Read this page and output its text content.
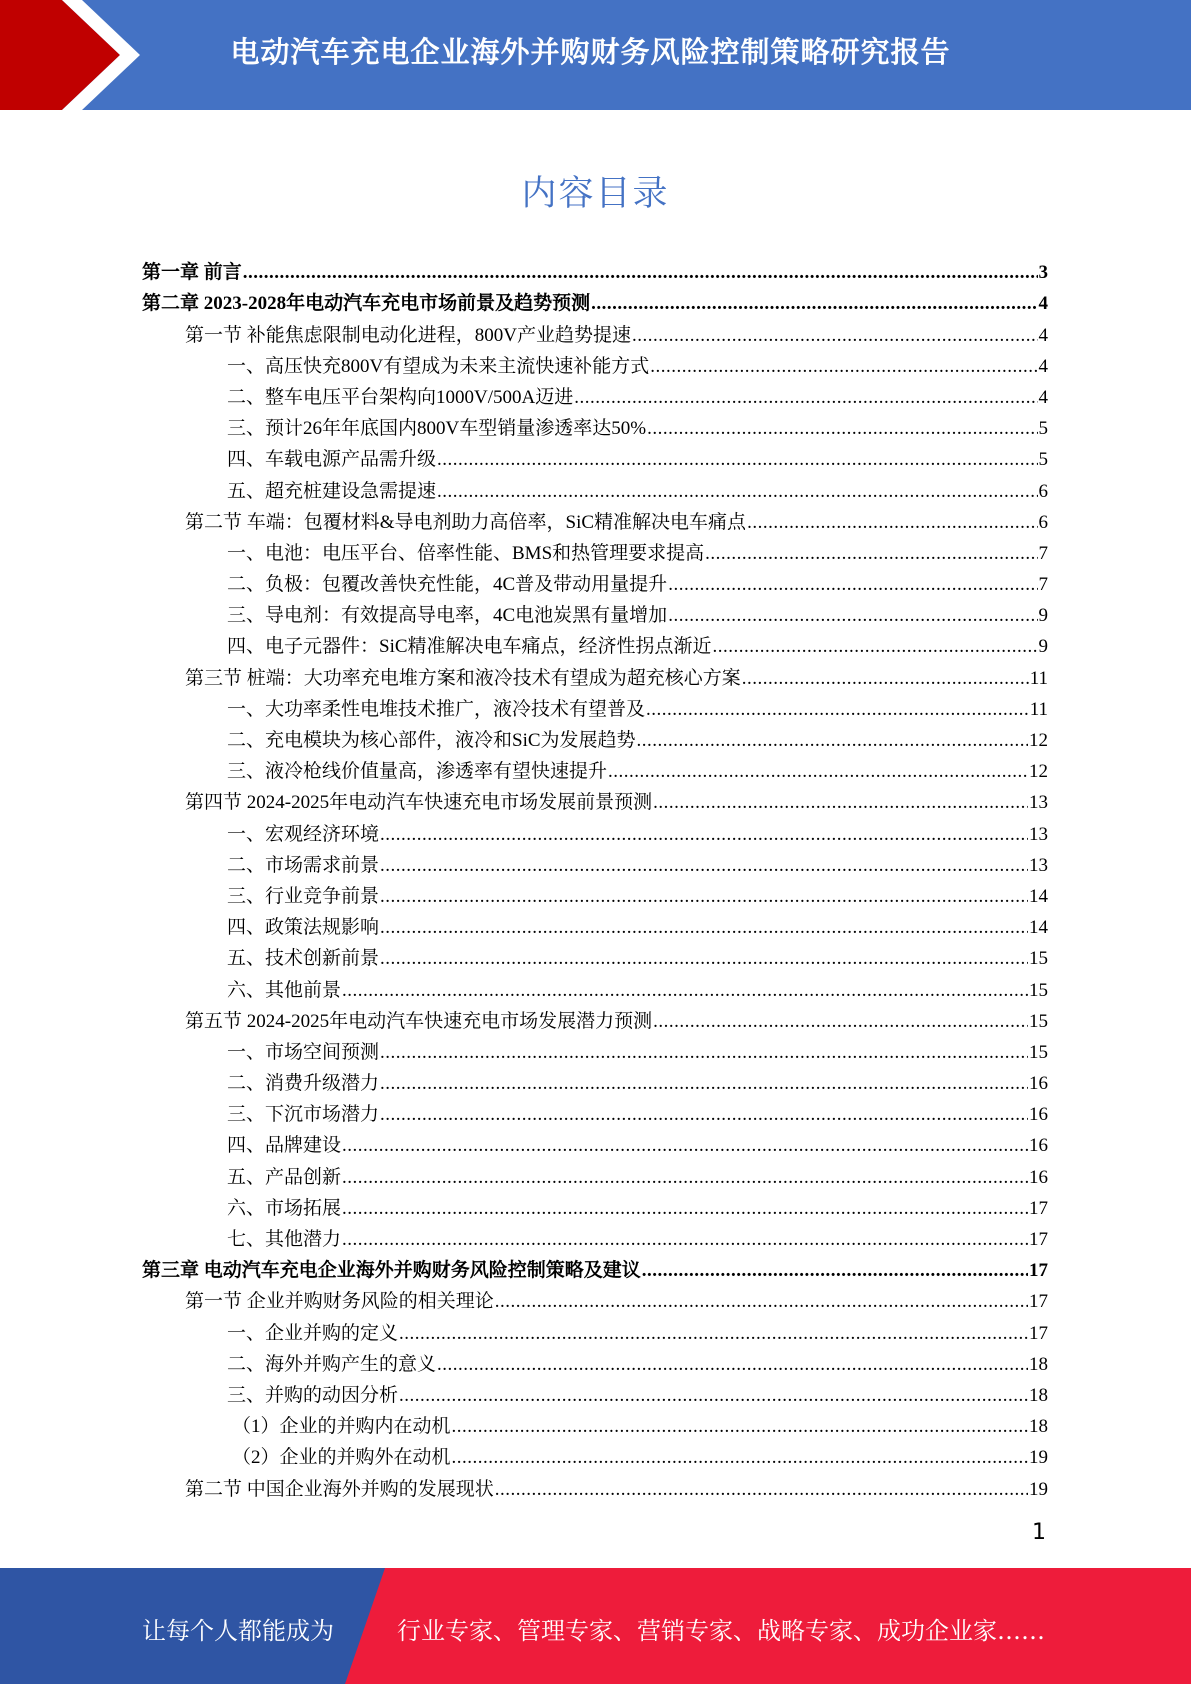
电动汽车充电企业海外并购财务风险控制策略研究报告
内容目录
第一章 前言 .....	3
第二章 2023-2028年电动汽车充电市场前景及趋势预测 .....	4
第一节 补能焦虑限制电动化进程，800V产业趋势提速 .....	4
一、高压快充800V有望成为未来主流快速补能方式 .....	4
二、整车电压平台架构向1000V/500A迈进 .....	4
三、预计26年年底国内800V车型销量渗透率达50% .....	5
四、车载电源产品需升级 .....	5
五、超充桩建设急需提速 .....	6
第二节 车端：包覆材料&导电剂助力高倍率，SiC精准解决电车痛点 .....	6
一、电池：电压平台、倍率性能、BMS和热管理要求提高 .....	7
二、负极：包覆改善快充性能，4C普及带动用量提升 .....	7
三、导电剂：有效提高导电率，4C电池炭黑有量增加 .....	9
四、电子元器件：SiC精准解决电车痛点，经济性拐点渐近 .....	9
第三节 桩端：大功率充电堆方案和液冷技术有望成为超充核心方案 .....	11
一、大功率柔性电堆技术推广，液冷技术有望普及 .....	11
二、充电模块为核心部件，液冷和SiC为发展趋势 .....	12
三、液冷枪线价值量高，渗透率有望快速提升 .....	12
第四节 2024-2025年电动汽车快速充电市场发展前景预测 .....	13
一、宏观经济环境 .....	13
二、市场需求前景 .....	13
三、行业竞争前景 .....	14
四、政策法规影响 .....	14
五、技术创新前景 .....	15
六、其他前景 .....	15
第五节 2024-2025年电动汽车快速充电市场发展潜力预测 .....	15
一、市场空间预测 .....	15
二、消费升级潜力 .....	16
三、下沉市场潜力 .....	16
四、品牌建设 .....	16
五、产品创新 .....	16
六、市场拓展 .....	17
七、其他潜力 .....	17
第三章 电动汽车充电企业海外并购财务风险控制策略及建议 .....	17
第一节 企业并购财务风险的相关理论 .....	17
一、企业并购的定义 .....	17
二、海外并购产生的意义 .....	18
三、并购的动因分析 .....	18
（1）企业的并购内在动机 .....	18
（2）企业的并购外在动机 .....	19
第二节 中国企业海外并购的发展现状 .....	19
1
让每个人都能成为	行业专家、管理专家、营销专家、战略专家、成功企业家……
